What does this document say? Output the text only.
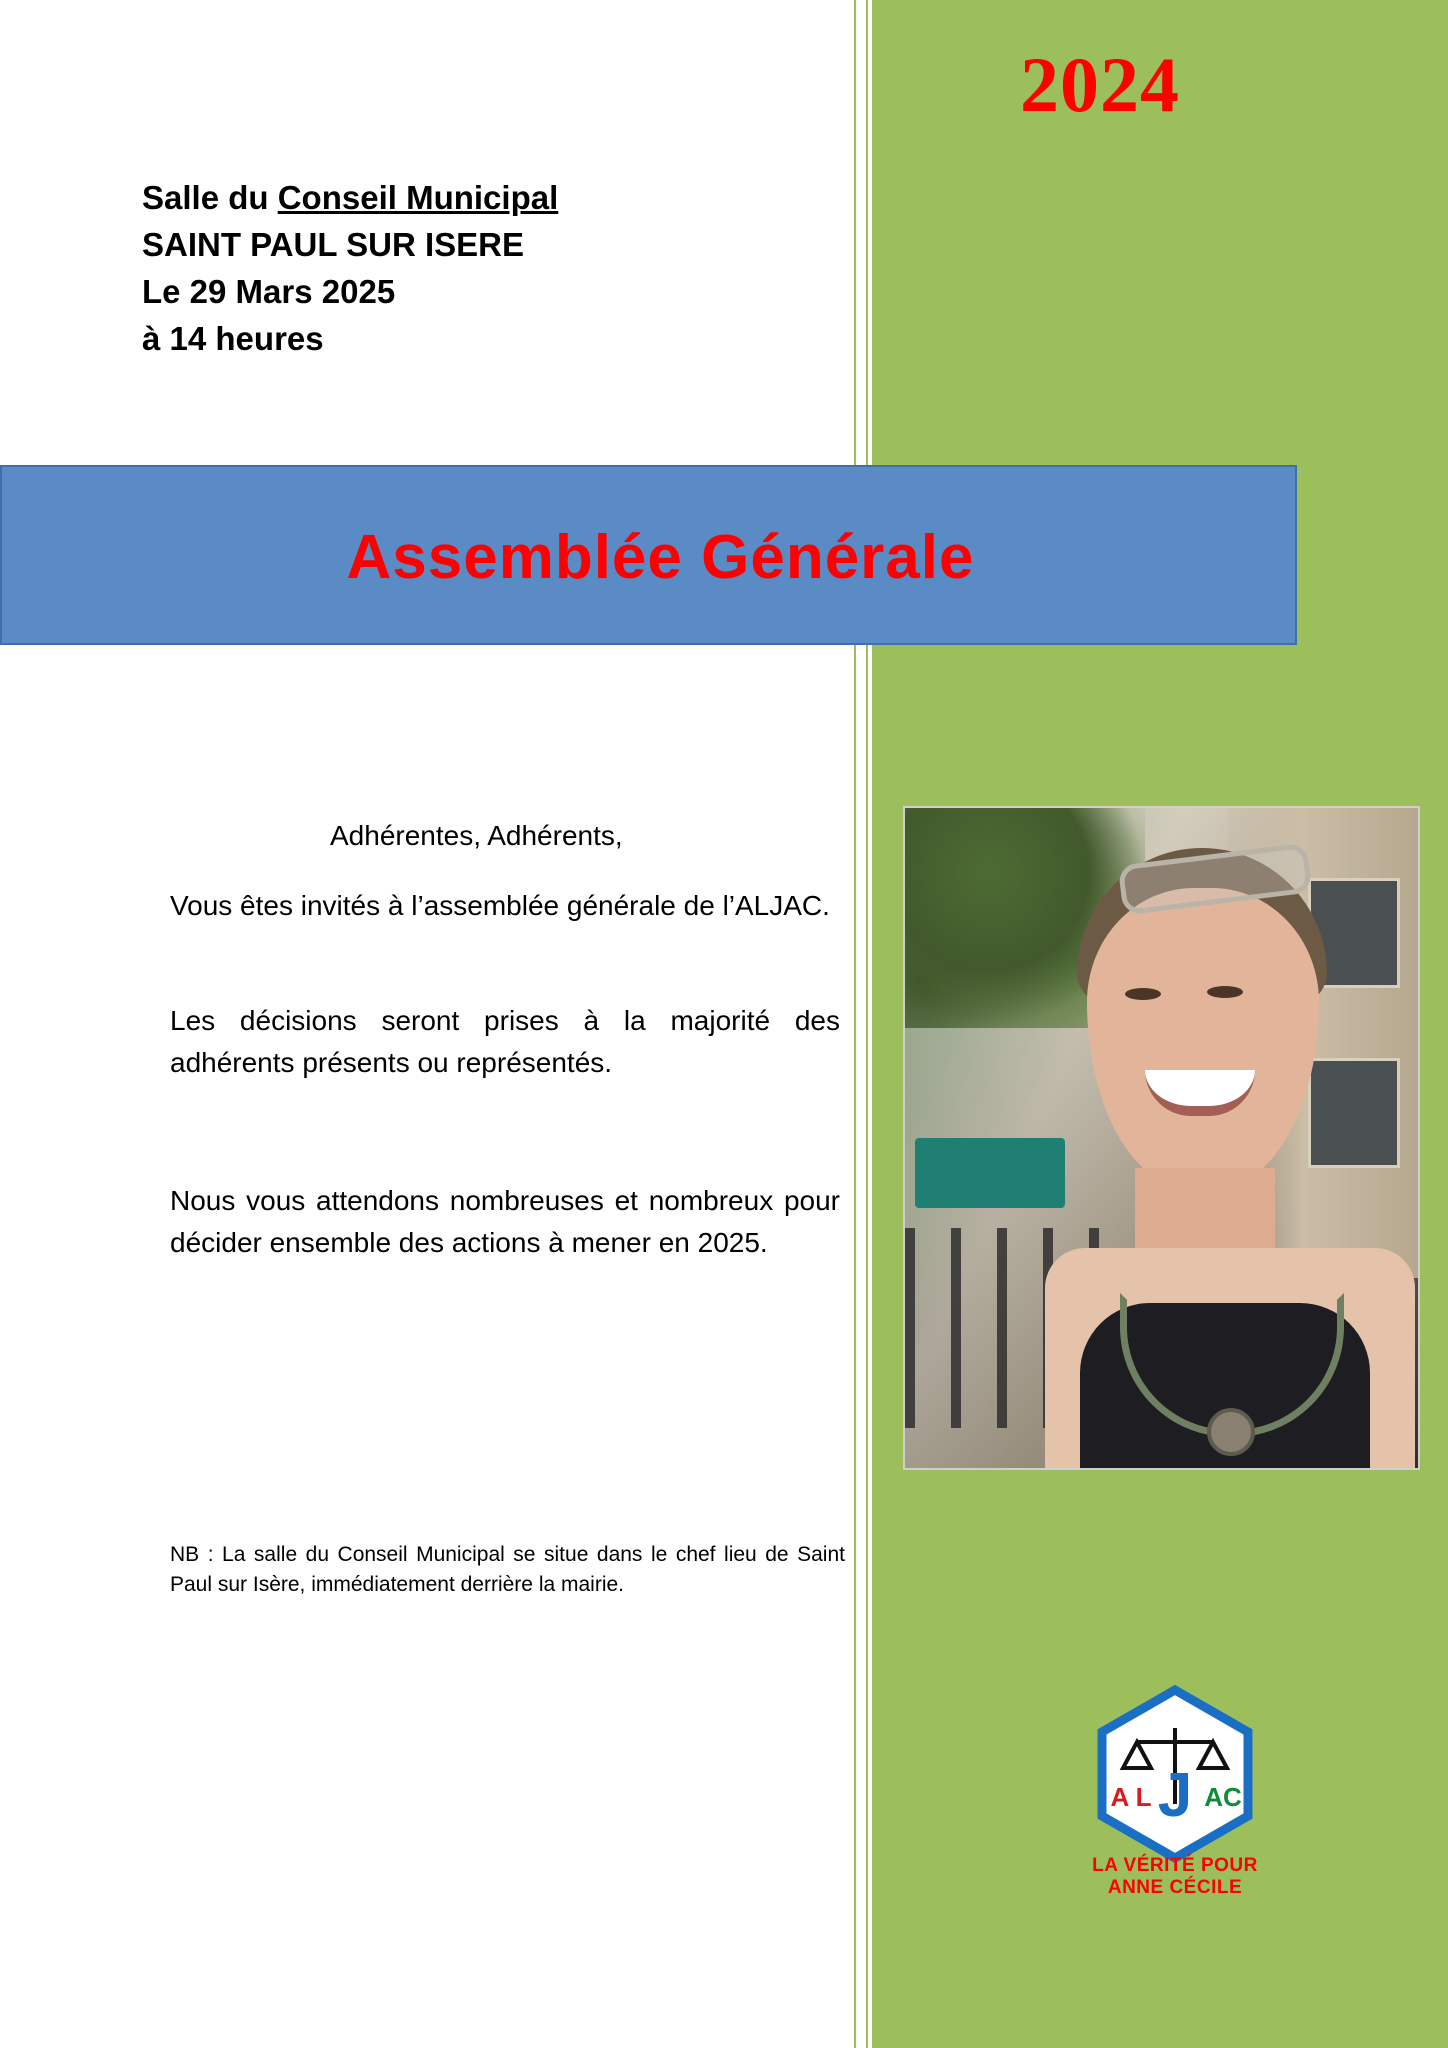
2024
Salle du Conseil Municipal
SAINT PAUL SUR ISERE
Le 29 Mars 2025
à 14 heures
Assemblée Générale
Adhérentes, Adhérents,
Vous êtes invités à l’assemblée générale de l’ALJAC.
Les décisions seront prises à la majorité des adhérents présents ou représentés.
Nous vous attendons nombreuses et nombreux pour décider ensemble des actions à mener en 2025.
NB : La salle du Conseil Municipal se situe dans le chef lieu de Saint Paul sur Isère, immédiatement derrière la mairie.
J
A L AC
LA VÉRITÉ POUR
ANNE CÉCILE
